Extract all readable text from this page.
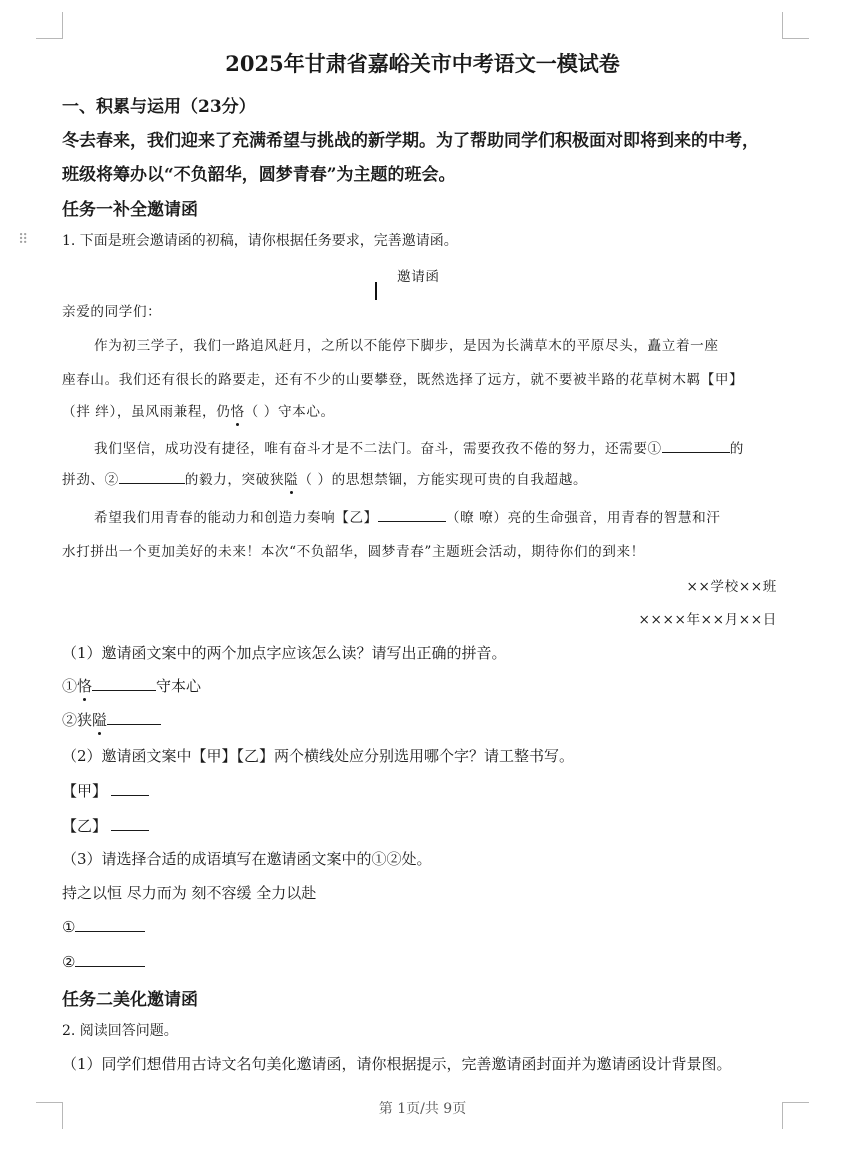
2025年甘肃省嘉峪关市中考语文一模试卷
一、积累与运用（23分）
冬去春来，我们迎来了充满希望与挑战的新学期。为了帮助同学们积极面对即将到来的中考，
班级将筹办以“不负韶华，圆梦青春”为主题的班会。
任务一补全邀请函
⠿ 1. 下面是班会邀请函的初稿，请你根据任务要求，完善邀请函。
邀请函
亲爱的同学们：
作为初三学子，我们一路追风赶月，之所以不能停下脚步，是因为长满草木的平原尽头，矗立着一座
座春山。我们还有很长的路要走，还有不少的山要攀登，既然选择了远方，就不要被半路的花草树木羁【甲】
（拌 绊），虽风雨兼程，仍恪（ ）守本心。
我们坚信，成功没有捷径，唯有奋斗才是不二法门。奋斗，需要孜孜不倦的努力，还需要①	的
拼劲、②	的毅力，突破狭隘（ ）的思想禁锢，方能实现可贵的自我超越。
希望我们用青春的能动力和创造力奏响【乙】	（暸 嘹）亮的生命强音，用青春的智慧和汗
水打拼出一个更加美好的未来！本次“不负韶华，圆梦青春”主题班会活动，期待你们的到来！
××学校××班
××××年××月××日
（1）邀请函文案中的两个加点字应该怎么读？请写出正确的拼音。
①恪	守本心
②狭隘
（2）邀请函文案中【甲】【乙】两个横线处应分别选用哪个字？请工整书写。
【甲】
【乙】
（3）请选择合适的成语填写在邀请函文案中的①②处。
持之以恒 尽力而为 刻不容缓 全力以赴
①
②
任务二美化邀请函
2. 阅读回答问题。
（1）同学们想借用古诗文名句美化邀请函，请你根据提示，完善邀请函封面并为邀请函设计背景图。
第 1页/共 9页
